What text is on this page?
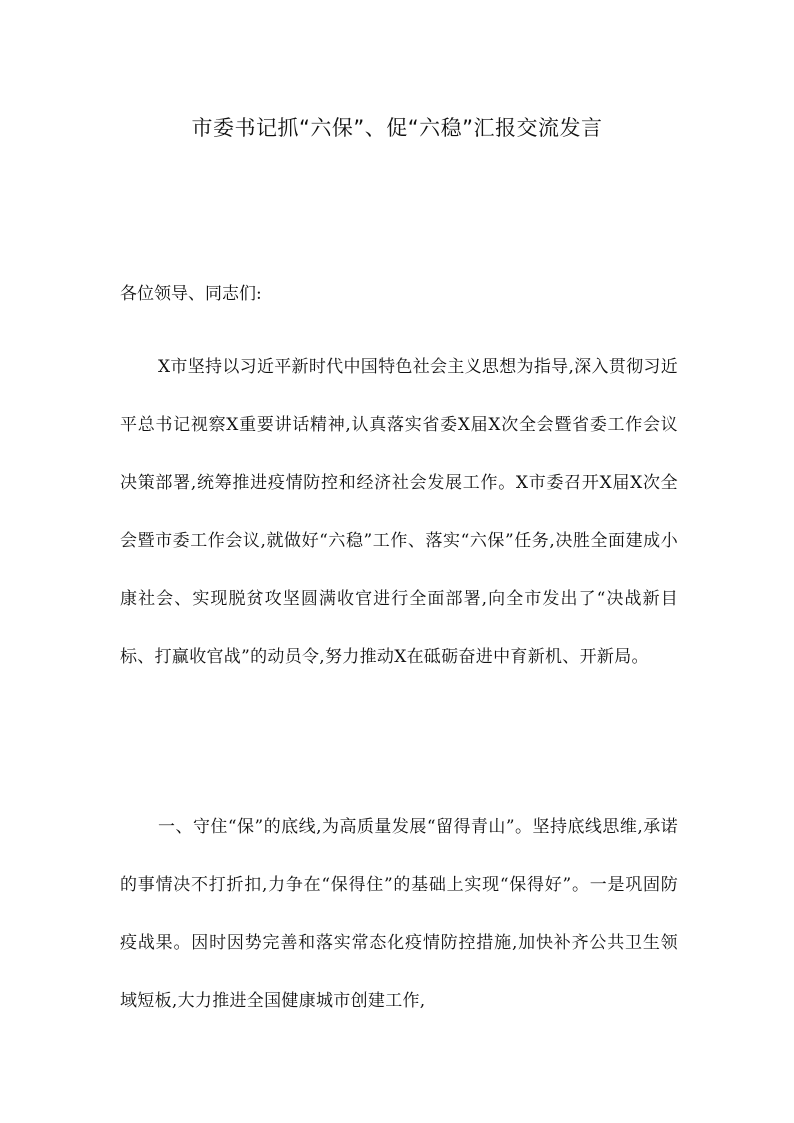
市委书记抓“六保”、促“六稳”汇报交流发言
各位领导、同志们:
X市坚持以习近平新时代中国特色社会主义思想为指导,深入贯彻习近平总书记视察X重要讲话精神,认真落实省委X届X次全会暨省委工作会议决策部署,统筹推进疫情防控和经济社会发展工作。X市委召开X届X次全会暨市委工作会议,就做好“六稳”工作、落实“六保”任务,决胜全面建成小康社会、实现脱贫攻坚圆满收官进行全面部署,向全市发出了“决战新目标、打赢收官战”的动员令,努力推动X在砥砺奋进中育新机、开新局。
一、守住“保”的底线,为高质量发展“留得青山”。坚持底线思维,承诺的事情决不打折扣,力争在“保得住”的基础上实现“保得好”。一是巩固防疫战果。因时因势完善和落实常态化疫情防控措施,加快补齐公共卫生领域短板,大力推进全国健康城市创建工作,
